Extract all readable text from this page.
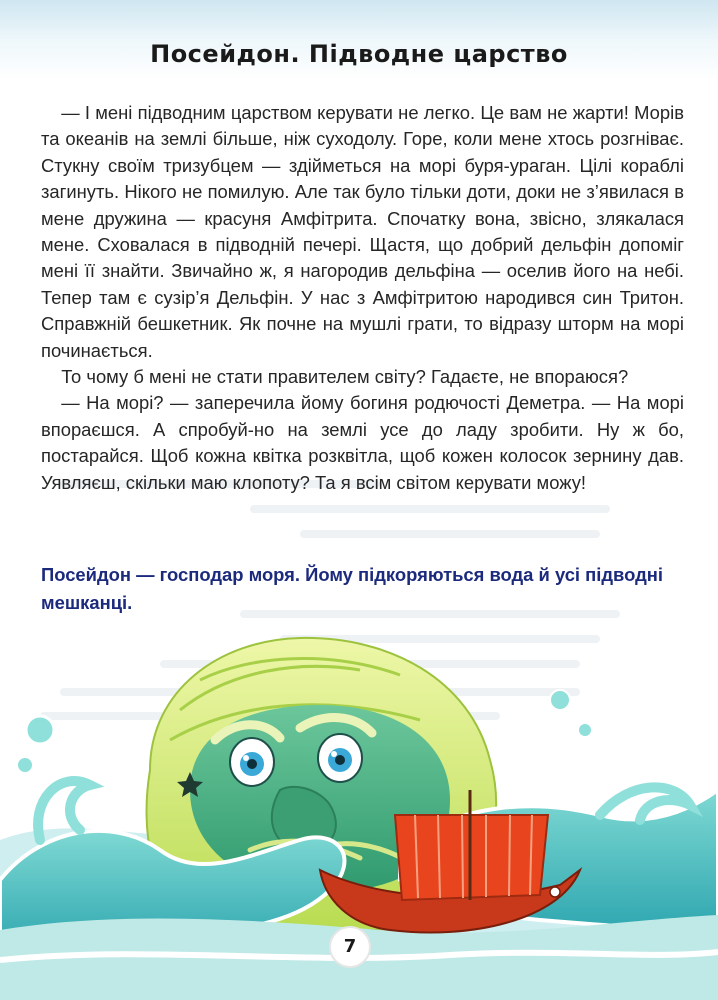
Посейдон. Підводне царство

— І мені підводним царством керувати не легко. Це вам не жарти! Морів та океанів на землі більше, ніж суходолу. Горе, коли мене хтось розгніває. Стукну своїм тризубцем — здійметься на морі буря-ураган. Цілі кораблі загинуть. Нікого не помилую. Але так було тільки доти, доки не з’явилася в мене дружина — красуня Амфітрита. Спочатку вона, звісно, злякалася мене. Сховалася в підводній печері. Щастя, що добрий дельфін допоміг мені її знайти. Звичайно ж, я нагородив дельфіна — оселив його на небі. Тепер там є сузір’я Дельфін. У нас з Амфітритою народився син Тритон. Справжній бешкетник. Як почне на мушлі грати, то відразу шторм на морі починається.

То чому б мені не стати правителем світу? Гадаєте, не впораюся?

— На морі? — заперечила йому богиня родючості Деметра. — На морі впораєшся. А спробуй-но на землі усе до ладу зробити. Ну ж бо, постарайся. Щоб кожна квітка розквітла, щоб кожен колосок зернину дав. Уявляєш, скільки маю клопоту? Та я всім світом керувати можу!

Посейдон — господар моря. Йому підкоряються вода й усі підводні мешканці.

7
